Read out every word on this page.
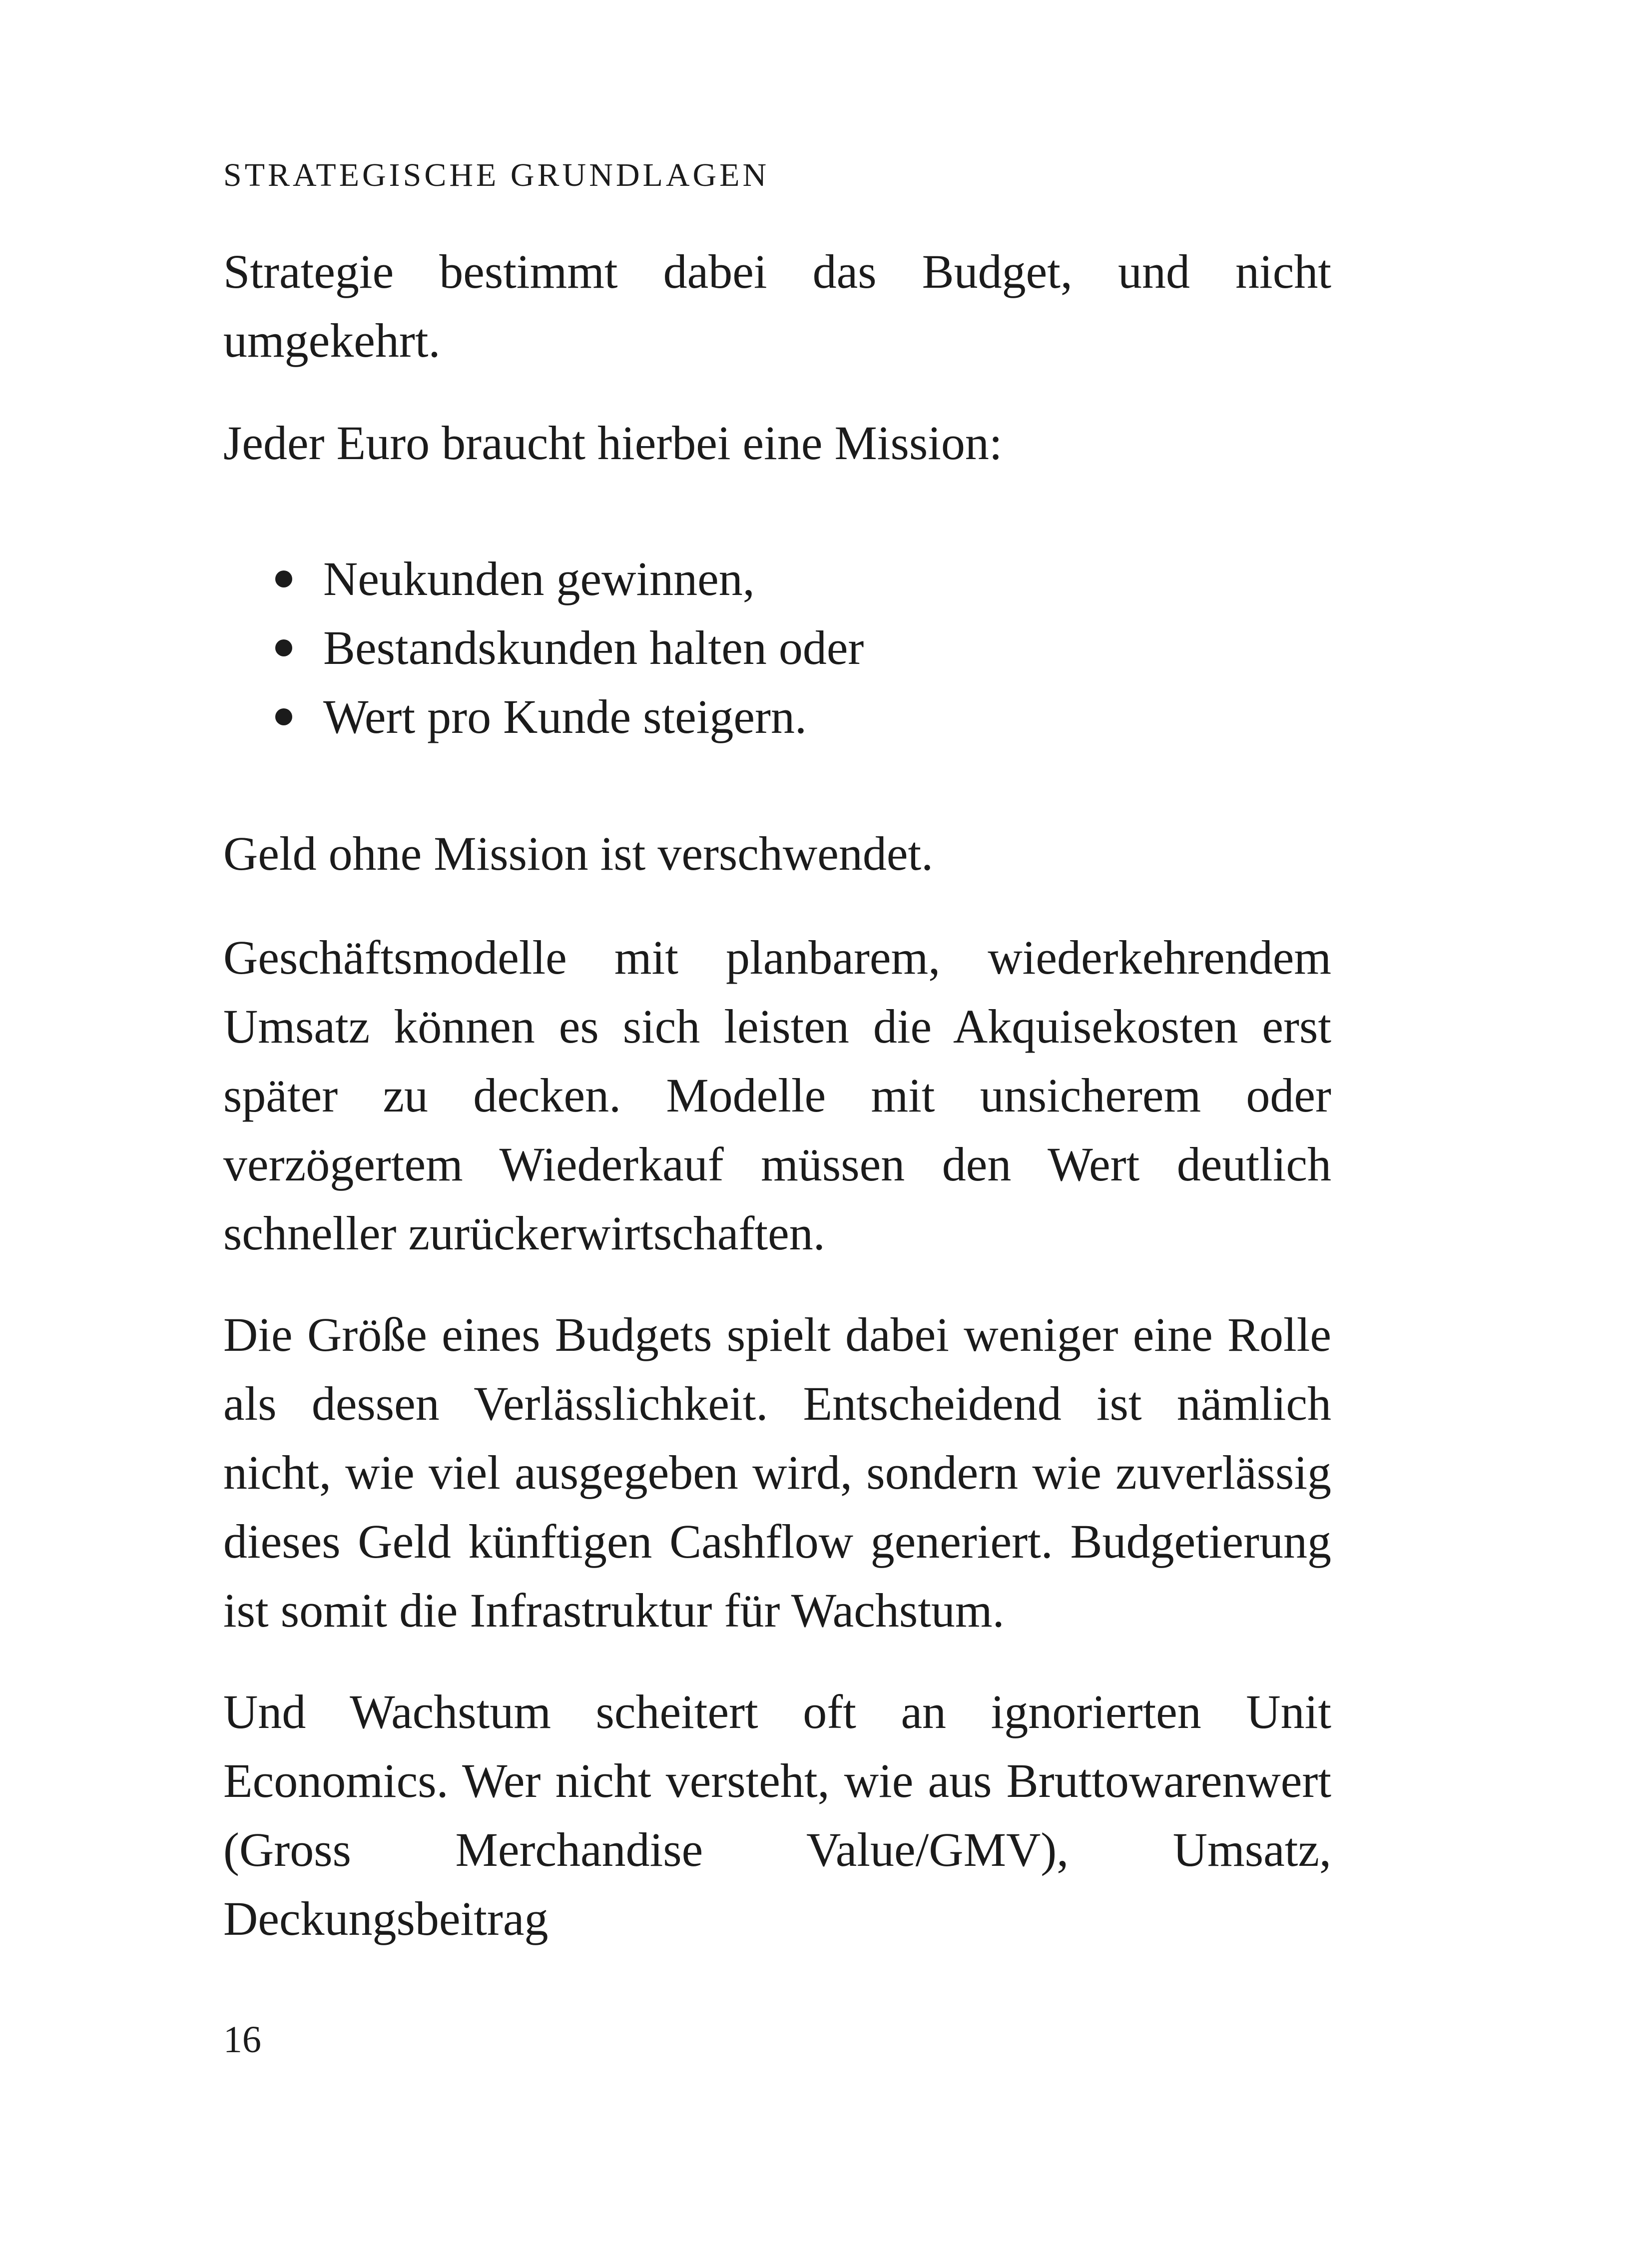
STRATEGISCHE GRUNDLAGEN

Strategie bestimmt dabei das Budget, und nicht umgekehrt.

Jeder Euro braucht hierbei eine Mission:

Neukunden gewinnen,
Bestandskunden halten oder
Wert pro Kunde steigern.

Geld ohne Mission ist verschwendet.

Geschäftsmodelle mit planbarem, wiederkehrendem Umsatz können es sich leisten die Akquisekosten erst später zu decken. Modelle mit unsicherem oder verzögertem Wiederkauf müssen den Wert deutlich schneller zurückerwirtschaften.

Die Größe eines Budgets spielt dabei weniger eine Rolle als dessen Verlässlichkeit. Entscheidend ist nämlich nicht, wie viel ausgegeben wird, sondern wie zuverlässig dieses Geld künftigen Cashflow generiert. Budgetierung ist somit die Infrastruktur für Wachstum.

Und Wachstum scheitert oft an ignorierten Unit Economics. Wer nicht versteht, wie aus Bruttowarenwert (Gross Merchandise Value/GMV), Umsatz, Deckungsbeitrag

16
